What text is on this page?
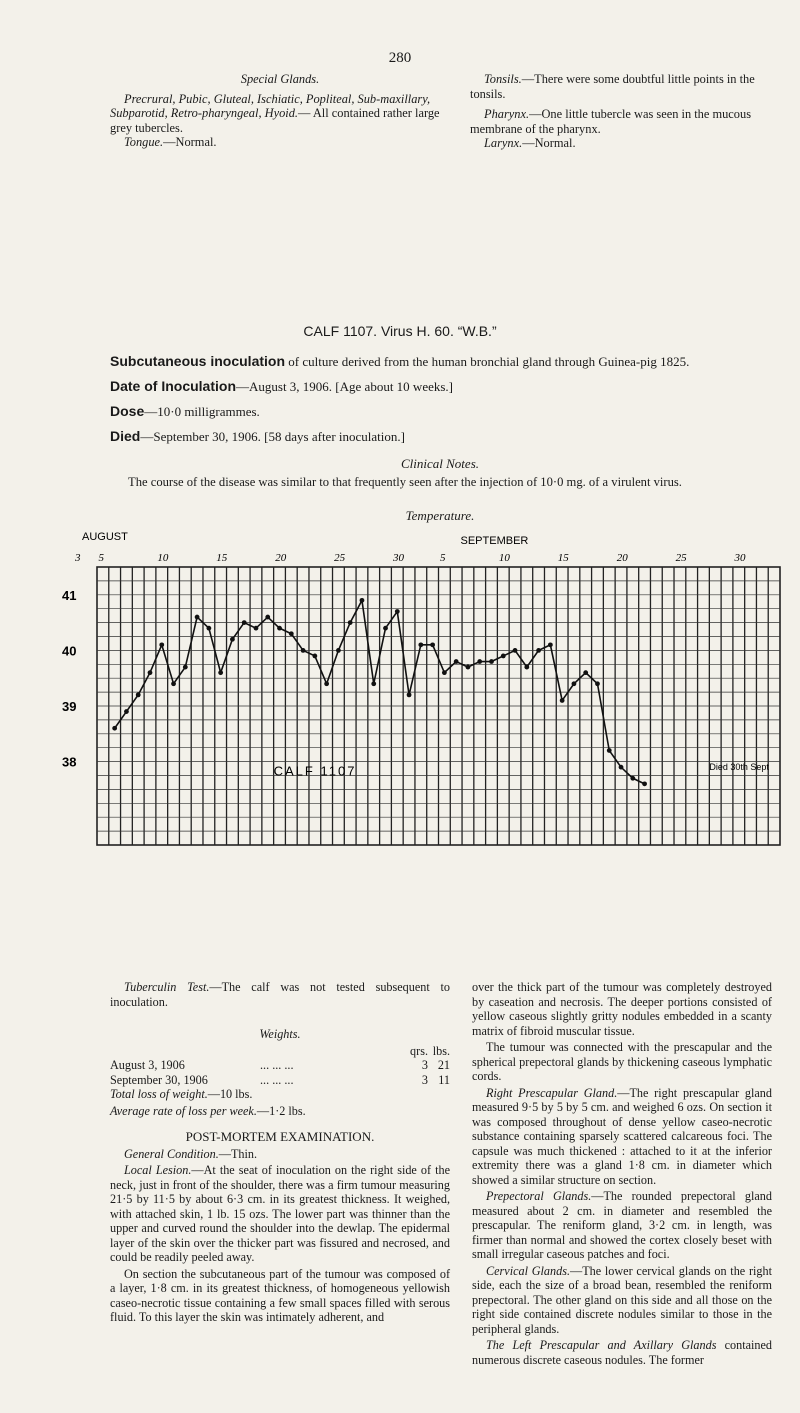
280

Special Glands.

Precrural, Pubic, Gluteal, Ischiatic, Popliteal, Sub-maxillary, Subparotid, Retro-pharyngeal, Hyoid.— All contained rather large grey tubercles.

Tongue.—Normal.

Tonsils.—There were some doubtful little points in the tonsils.

Pharynx.—One little tubercle was seen in the mucous membrane of the pharynx.

Larynx.—Normal.

CALF 1107. Virus H. 60. “W.B.”
Subcutaneous inoculation of culture derived from the human bronchial gland through Guinea-pig 1825.
Date of Inoculation—August 3, 1906. [Age about 10 weeks.]
Dose—10·0 milligrammes.
Died—September 30, 1906. [58 days after inoculation.]
Clinical Notes.
The course of the disease was similar to that frequently seen after the injection of 10·0 mg. of a virulent virus.
Temperature.
AUGUST	SEPTEMBER
3 5	10	15	20	25	30	5	10	15	20	25	30
41
40
39
38
CALF 1107	Died 30th Sept

Tuberculin Test.—The calf was not tested subsequent to inoculation.

Weights.

		qrs.	lbs.
August 3, 1906	... ... ...	3	21
September 30, 1906	... ... ...	3	11

Total loss of weight.—10 lbs.

Average rate of loss per week.—1·2 lbs.

POST-MORTEM EXAMINATION.

General Condition.—Thin.

Local Lesion.—At the seat of inoculation on the right side of the neck, just in front of the shoulder, there was a firm tumour measuring 21·5 by 11·5 by about 6·3 cm. in its greatest thickness. It weighed, with attached skin, 1 lb. 15 ozs. The lower part was thinner than the upper and curved round the shoulder into the dewlap. The epidermal layer of the skin over the thicker part was fissured and necrosed, and could be readily peeled away.

On section the subcutaneous part of the tumour was composed of a layer, 1·8 cm. in its greatest thickness, of homogeneous yellowish caseo-necrotic tissue containing a few small spaces filled with serous fluid. To this layer the skin was intimately adherent, and

over the thick part of the tumour was completely destroyed by caseation and necrosis. The deeper portions consisted of yellow caseous slightly gritty nodules embedded in a scanty matrix of fibroid muscular tissue.

The tumour was connected with the prescapular and the spherical prepectoral glands by thickening caseous lymphatic cords.

Right Prescapular Gland.—The right prescapular gland measured 9·5 by 5 by 5 cm. and weighed 6 ozs. On section it was composed throughout of dense yellow caseo-necrotic substance containing sparsely scattered calcareous foci. The capsule was much thickened : attached to it at the inferior extremity there was a gland 1·8 cm. in diameter which showed a similar structure on section.

Prepectoral Glands.—The rounded prepectoral gland measured about 2 cm. in diameter and resembled the prescapular. The reniform gland, 3·2 cm. in length, was firmer than normal and showed the cortex closely beset with small irregular caseous patches and foci.

Cervical Glands.—The lower cervical glands on the right side, each the size of a broad bean, resembled the reniform prepectoral. The other gland on this side and all those on the right side contained discrete nodules similar to those in the peripheral glands.

The Left Prescapular and Axillary Glands contained numerous discrete caseous nodules. The former
